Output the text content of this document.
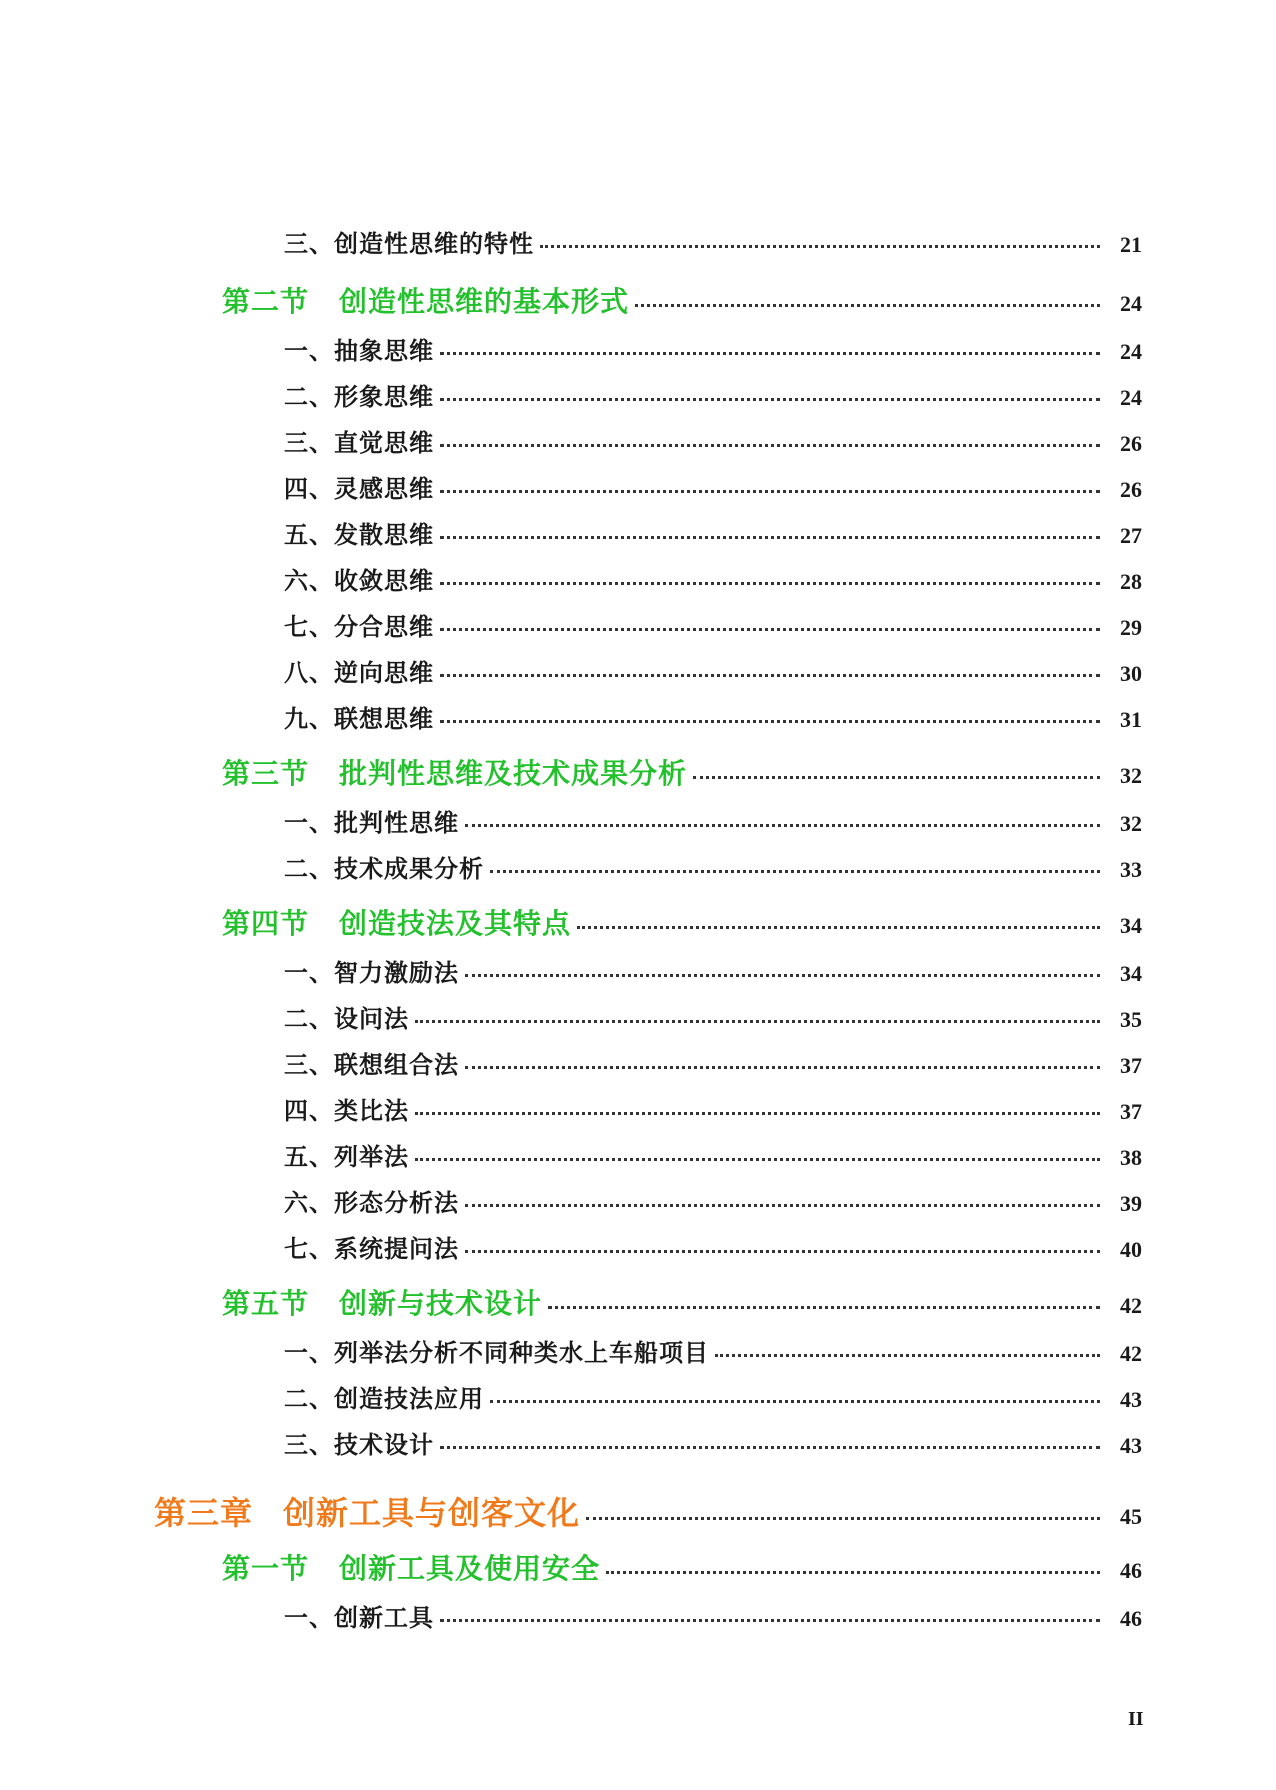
三、创造性思维的特性	21
第二节 创造性思维的基本形式	24
一、抽象思维	24
二、形象思维	24
三、直觉思维	26
四、灵感思维	26
五、发散思维	27
六、收敛思维	28
七、分合思维	29
八、逆向思维	30
九、联想思维	31
第三节 批判性思维及技术成果分析	32
一、批判性思维	32
二、技术成果分析	33
第四节 创造技法及其特点	34
一、智力激励法	34
二、设问法	35
三、联想组合法	37
四、类比法	37
五、列举法	38
六、形态分析法	39
七、系统提问法	40
第五节 创新与技术设计	42
一、列举法分析不同种类水上车船项目	42
二、创造技法应用	43
三、技术设计	43
第三章 创新工具与创客文化	45
第一节 创新工具及使用安全	46
一、创新工具	46
II
